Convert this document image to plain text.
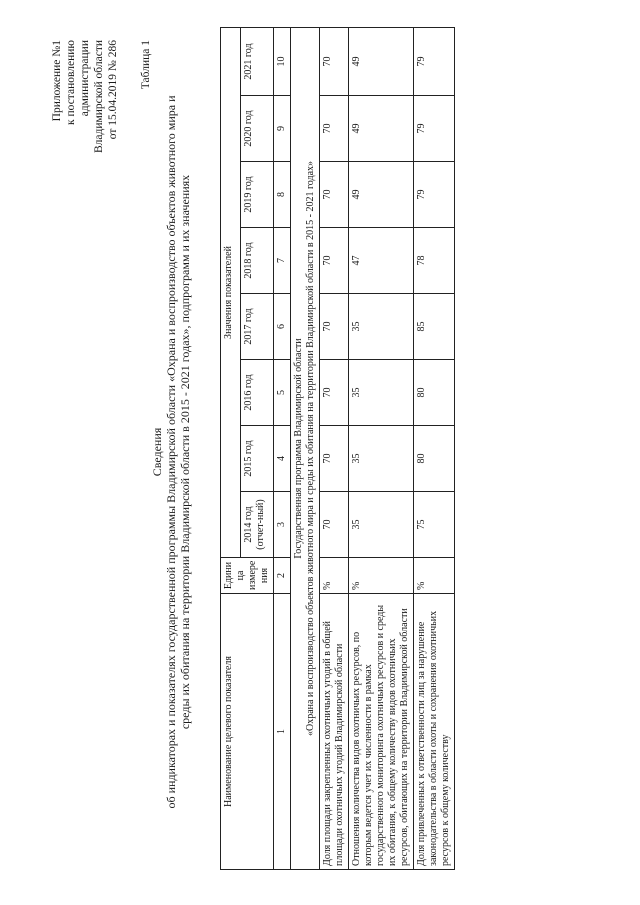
Приложение №1 к постановлению администрации Владимирской области от 15.04.2019 № 286 Таблица 1
Сведения об индикаторах и показателях государственной программы Владимирской области «Охрана и воспроизводство объектов животного мира и среды их обитания на территории Владимирской области в 2015 - 2021 годах», подпрограмм и их значениях
Наименование целевого показателя	Едини ца измере ния	Значения показателей							
		2014 год (отчет-ный)	2015 год	2016 год	2017 год	2018 год	2019 год	2020 год	2021 год
1	2	3	4	5	6	7	8	9	10

Государственная программа Владимирской области «Охрана и воспроизводство объектов животного мира и среды их обитания на территории Владимирской области в 2015 - 2021 годах»									

Доля площади закрепленных охотничьих угодий в общей площади охотничьих угодий Владимирской области	%	70	70	70	70	70	70	70	70
Отношения количества видов охотничьих ресурсов, по которым ведется учет их численности в рамках государственного мониторинга охотничьих ресурсов и среды их обитания, к общему количеству видов охотничьих ресурсов, обитающих на территории Владимирской области	%	35	35	35	35	47	49	49	49
Доля привлеченных к ответственности лиц за нарушение законодательства в области охоты и сохранения охотничьих ресурсов к общему количеству	%	75	80	80	85	78	79	79	79
